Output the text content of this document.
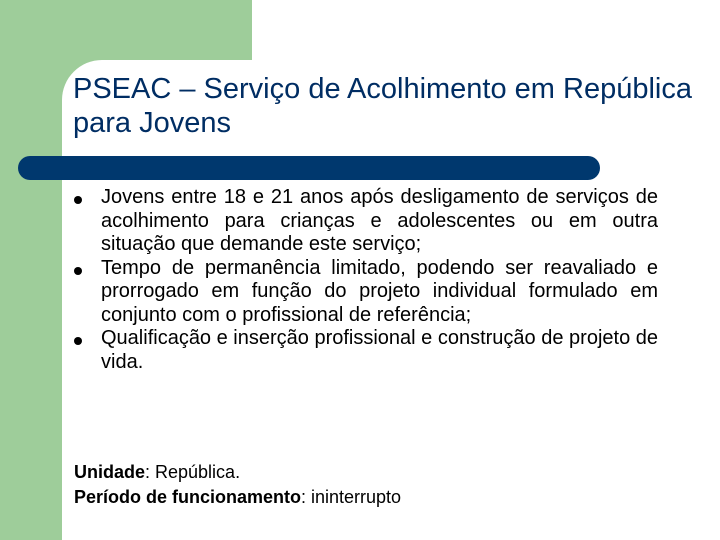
PSEAC – Serviço de Acolhimento em República para Jovens
Jovens entre 18 e 21 anos após desligamento de serviços de acolhimento para crianças e adolescentes ou em outra situação que demande este serviço;
Tempo de permanência limitado, podendo ser reavaliado e prorrogado em função do projeto individual formulado em conjunto com o profissional de referência;
Qualificação e inserção profissional e construção de projeto de vida.
Unidade: República.
Período de funcionamento: ininterrupto
